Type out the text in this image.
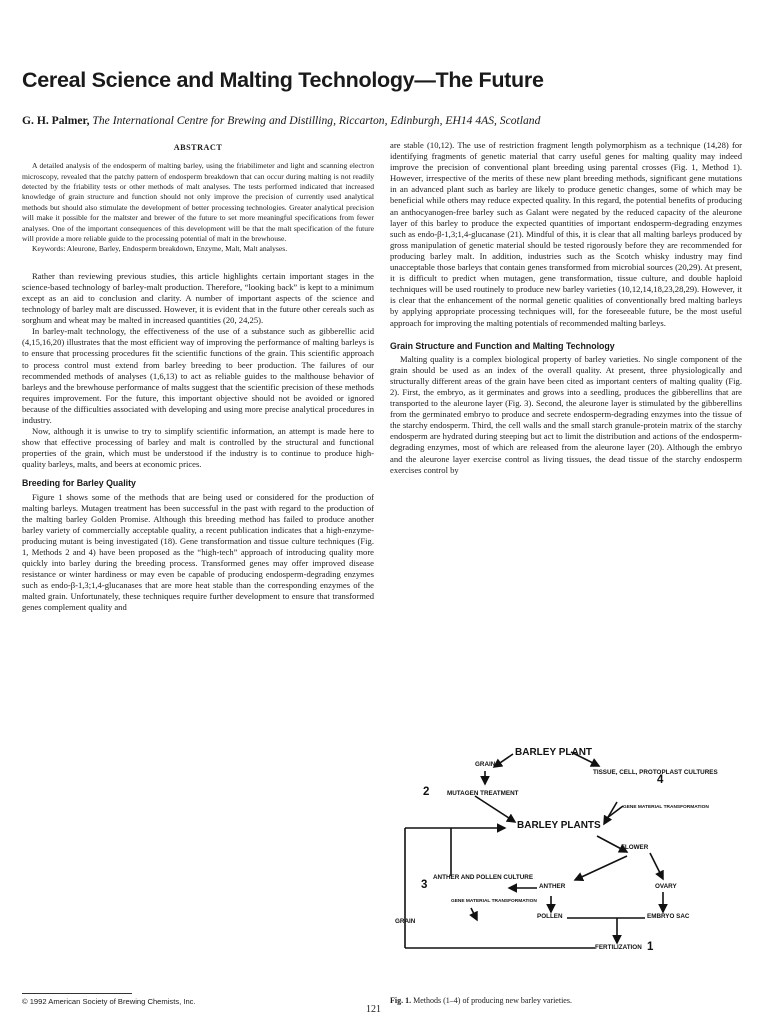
Cereal Science and Malting Technology—The Future
G. H. Palmer, The International Centre for Brewing and Distilling, Riccarton, Edinburgh, EH14 4AS, Scotland
ABSTRACT

A detailed analysis of the endosperm of malting barley, using the friabilimeter and light and scanning electron microscopy, revealed that the patchy pattern of endosperm breakdown that can occur during malting is not readily detected by the friability tests or other methods of malt analyses. The tests performed indicated that increased knowledge of grain structure and function should not only improve the precision of currently used analytical methods but should also stimulate the development of better processing technologies. Greater analytical precision will make it possible for the maltster and brewer of the future to set more meaningful specifications from fewer analyses. One of the important consequences of this development will be that the malt specification of the future will provide a more reliable guide to the processing potential of malt in the brewhouse.

Keywords: Aleurone, Barley, Endosperm breakdown, Enzyme, Malt, Malt analyses.

Rather than reviewing previous studies, this article highlights certain important stages in the science-based technology of barley-malt production. Therefore, “looking back” is kept to a minimum except as an aid to conclusion and clarity. A number of important aspects of the science and technology of barley malt are discussed. However, it is evident that in the future other cereals such as sorghum and wheat may be malted in increased quantities (20, 24,25).

In barley-malt technology, the effectiveness of the use of a substance such as gibberellic acid (4,15,16,20) illustrates that the most efficient way of improving the performance of malting barleys is to ensure that processing procedures fit the scientific functions of the grain. This scientific approach to process control must extend from barley breeding to beer production. The failures of our recommended methods of analyses (1,6,13) to act as reliable guides to the malthouse behavior of barleys and the brewhouse performance of malts suggest that the scientific precision of these methods requires improvement. For the future, this important objective should not be avoided or ignored because of the difficulties associated with developing and using more precise analytical procedures in industry.

Now, although it is unwise to try to simplify scientific information, an attempt is made here to show that effective processing of barley and malt is controlled by the structural and functional properties of the grain, which must be understood if the industry is to continue to produce high-quality barleys, malts, and beers at economic prices.

Breeding for Barley Quality

Figure 1 shows some of the methods that are being used or considered for the production of malting barleys. Mutagen treatment has been successful in the past with regard to the production of the malting barley Golden Promise. Although this breeding method has failed to produce another barley variety of commercially acceptable quality, a recent publication indicates that a high-enzyme-producing mutant is being investigated (18). Gene transformation and tissue culture techniques (Fig. 1, Methods 2 and 4) have been proposed as the “high-tech” approach of introducing quality more quickly into barley during the breeding process. Transformed genes may offer improved disease resistance or winter hardiness or may even be capable of producing endosperm-degrading enzymes such as endo-β-1,3;1,4-glucanases that are more heat stable than the corresponding enzymes of the malted grain. Unfortunately, these techniques require further development to ensure that transformed genes complement quality and

are stable (10,12). The use of restriction fragment length polymorphism as a technique (14,28) for identifying fragments of genetic material that carry useful genes for malting quality may indeed improve the precision of conventional plant breeding using parental crosses (Fig. 1, Method 1). However, irrespective of the merits of these new plant breeding methods, significant gene mutations in an advanced plant such as barley are likely to produce genetic changes, some of which may be beneficial while others may reduce expected quality. In this regard, the potential benefits of producing an anthocyanogen-free barley such as Galant were negated by the reduced capacity of the aleurone layer of this barley to produce the expected quantities of important endosperm-degrading enzymes such as endo-β-1,3;1,4-glucanase (21). Mindful of this, it is clear that all malting barleys produced by gross manipulation of genetic material should be tested rigorously before they are recommended for producing barley malt. In addition, industries such as the Scotch whisky industry may find unacceptable those barleys that contain genes transformed from microbial sources (20,29). At present, it is difficult to predict when mutagen, gene transformation, tissue culture, and double haploid techniques will be used routinely to produce new barley varieties (10,12,14,18,23,28,29). However, it is clear that the enhancement of the normal genetic qualities of conventionally bred malting barleys by applying appropriate processing techniques will, for the foreseeable future, be the most useful approach for improving the malting potentials of recommended malting barleys.

Grain Structure and Function and Malting Technology

Malting quality is a complex biological property of barley varieties. No single component of the grain should be used as an index of the overall quality. At present, three physiologically and structurally different areas of the grain have been cited as important centers of malting quality (Fig. 2). First, the embryo, as it germinates and grows into a seedling, produces the gibberellins that are transported to the aleurone layer (Fig. 3). Second, the aleurone layer is stimulated by the gibberellins from the germinated embryo to produce and secrete endosperm-degrading enzymes into the tissue of the starchy endosperm. Third, the cell walls and the small starch granule-protein matrix of the starchy endosperm are hydrated during steeping but act to limit the distribution and actions of the endosperm-degrading enzymes, most of which are released from the aleurone layer (20). Although the embryo and the aleurone layer exercise control as living tissues, the dead tissue of the starchy endosperm exercises control by

BARLEY PLANT
GRAIN
TISSUE, CELL, PROTOPLAST CULTURES
4
2	MUTAGEN TREATMENT
GENE MATERIAL TRANSFORMATION
BARLEY PLANTS
FLOWER
ANTHER AND POLLEN CULTURE
3	ANTHER	OVARY
GENE MATERIAL TRANSFORMATION
GRAIN
POLLEN	EMBRYO SAC
FERTILIZATION 1
Fig. 1. Methods (1–4) of producing new barley varieties.
© 1992 American Society of Brewing Chemists, Inc.
121
